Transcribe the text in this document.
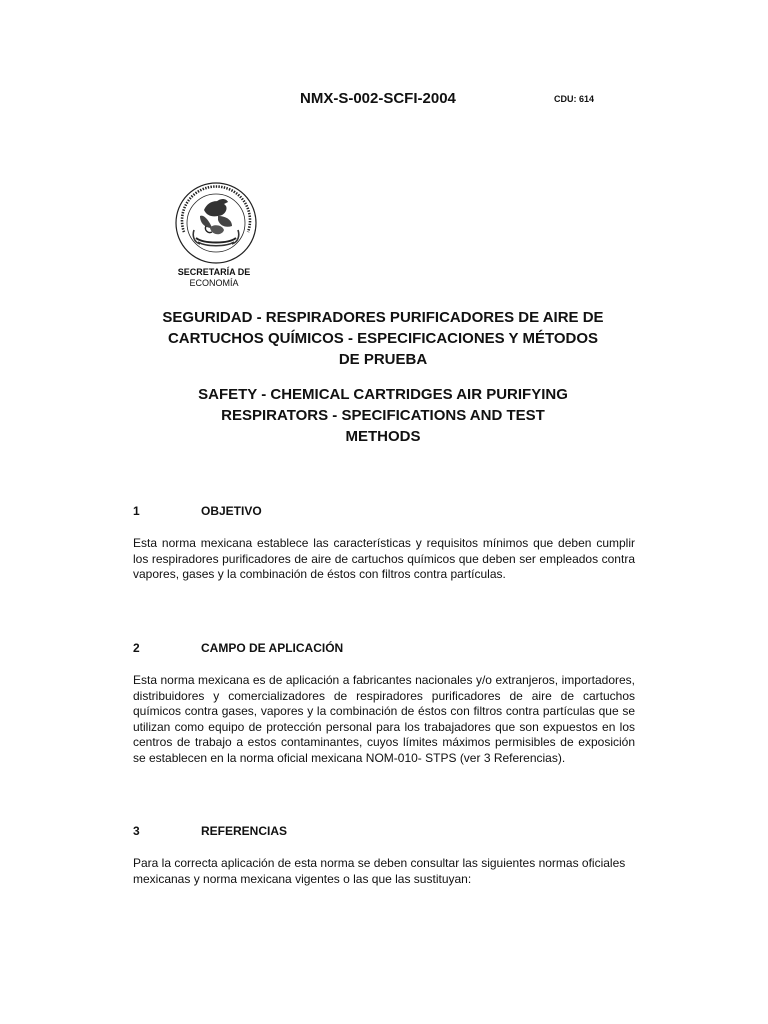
NMX-S-002-SCFI-2004	CDU: 614
SECRETARÍA DE
ECONOMÍA
SEGURIDAD - RESPIRADORES PURIFICADORES DE AIRE DE
CARTUCHOS QUÍMICOS - ESPECIFICACIONES Y MÉTODOS
DE PRUEBA
SAFETY - CHEMICAL CARTRIDGES AIR PURIFYING
RESPIRATORS - SPECIFICATIONS AND TEST
METHODS
1	OBJETIVO

Esta norma mexicana establece las características y requisitos mínimos que deben cumplir los respiradores purificadores de aire de cartuchos químicos que deben ser empleados contra vapores, gases y la combinación de éstos con filtros contra partículas.

2	CAMPO DE APLICACIÓN

Esta norma mexicana es de aplicación a fabricantes nacionales y/o extranjeros, importadores, distribuidores y comercializadores de respiradores purificadores de aire de cartuchos químicos contra gases, vapores y la combinación de éstos con filtros contra partículas que se utilizan como equipo de protección personal para los trabajadores que son expuestos en los centros de trabajo a estos contaminantes, cuyos límites máximos permisibles de exposición se establecen en la norma oficial mexicana NOM-010- STPS (ver 3 Referencias).

3	REFERENCIAS

Para la correcta aplicación de esta norma se deben consultar las siguientes normas oficiales mexicanas y norma mexicana vigentes o las que las sustituyan:
